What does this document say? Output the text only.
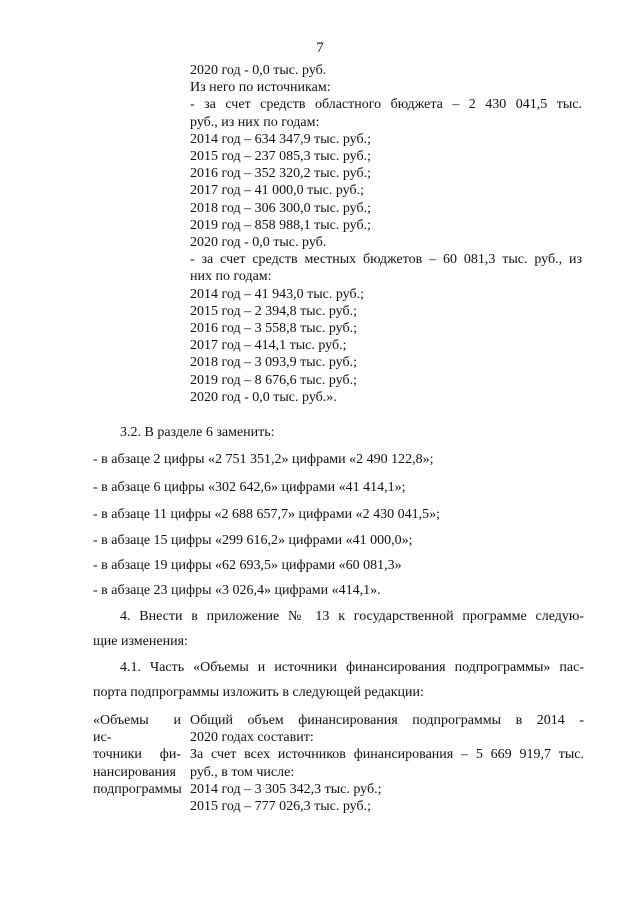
7
2020 год - 0,0 тыс. руб.
Из него по источникам:
- за счет средств областного бюджета – 2 430 041,5 тыс.
руб., из них по годам:
2014 год – 634 347,9 тыс. руб.;
2015 год – 237 085,3 тыс. руб.;
2016 год – 352 320,2 тыс. руб.;
2017 год – 41 000,0 тыс. руб.;
2018 год – 306 300,0 тыс. руб.;
2019 год – 858 988,1 тыс. руб.;
2020 год - 0,0 тыс. руб.
- за счет средств местных бюджетов – 60 081,3 тыс. руб., из
них по годам:
2014 год – 41 943,0 тыс. руб.;
2015 год – 2 394,8 тыс. руб.;
2016 год – 3 558,8 тыс. руб.;
2017 год – 414,1 тыс. руб.;
2018 год – 3 093,9 тыс. руб.;
2019 год – 8 676,6 тыс. руб.;
2020 год - 0,0 тыс. руб.».
3.2. В разделе 6 заменить:
- в абзаце 2 цифры «2 751 351,2» цифрами «2 490 122,8»;
- в абзаце 6 цифры «302 642,6» цифрами «41 414,1»;
- в абзаце 11 цифры «2 688 657,7» цифрами «2 430 041,5»;
- в абзаце 15 цифры «299 616,2» цифрами «41 000,0»;
- в абзаце 19 цифры «62 693,5» цифрами «60 081,3»
- в абзаце 23 цифры «3 026,4» цифрами «414,1».
4. Внести в приложение № 13 к государственной программе следую-
щие изменения:
4.1. Часть «Объемы и источники финансирования подпрограммы» пас-
порта подпрограммы изложить в следующей редакции:
«Объемы и ис-
точники фи-
нансирования
подпрограммы
Общий объем финансирования подпрограммы в 2014 -
2020 годах составит:
За счет всех источников финансирования – 5 669 919,7 тыс.
руб., в том числе:
2014 год – 3 305 342,3 тыс. руб.;
2015 год – 777 026,3 тыс. руб.;
